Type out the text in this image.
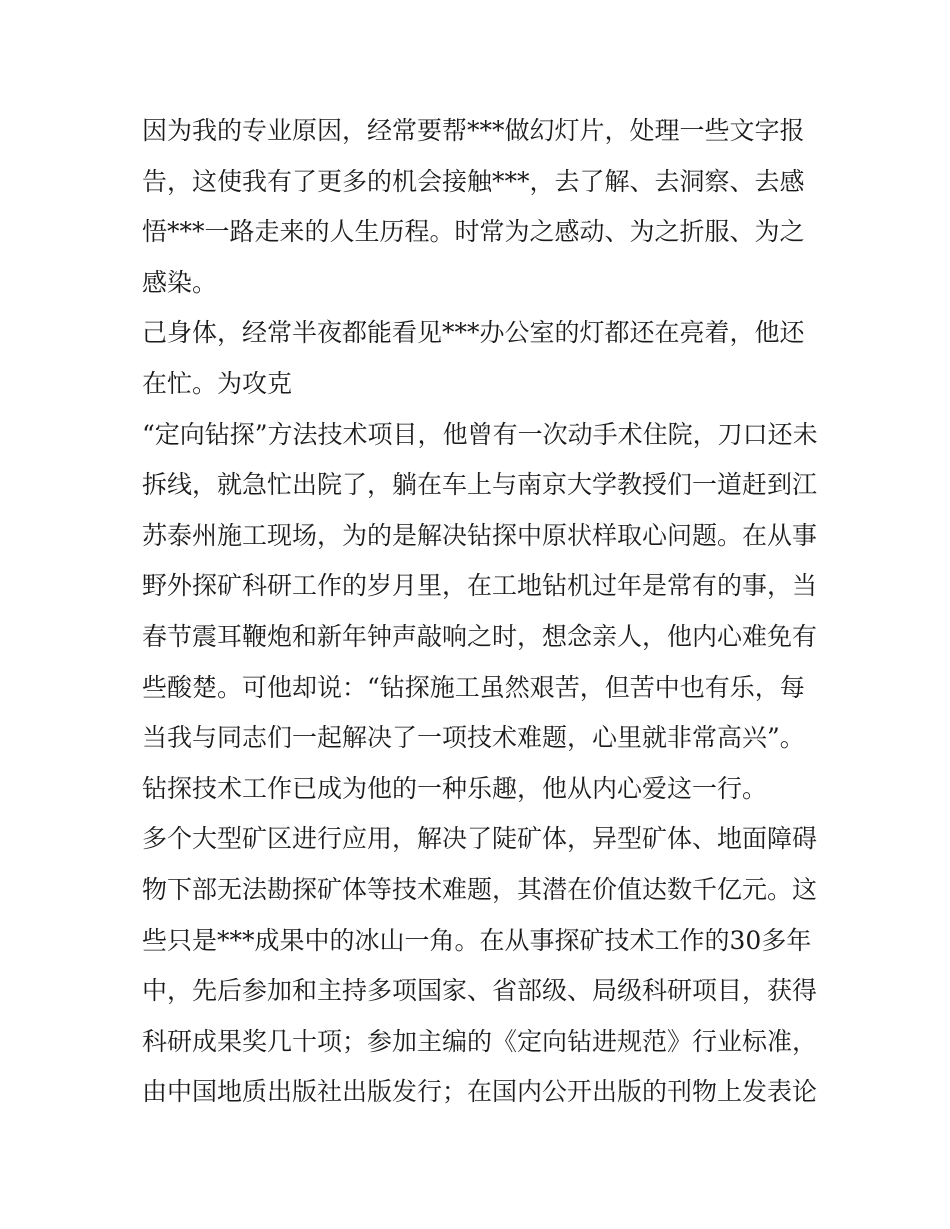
因为我的专业原因，经常要帮***做幻灯片，处理一些文字报
告，这使我有了更多的机会接触***，去了解、去洞察、去感
悟***一路走来的人生历程。时常为之感动、为之折服、为之
感染。
己身体，经常半夜都能看见***办公室的灯都还在亮着，他还
在忙。为攻克
“定向钻探”方法技术项目，他曾有一次动手术住院，刀口还未
拆线，就急忙出院了，躺在车上与南京大学教授们一道赶到江
苏泰州施工现场，为的是解决钻探中原状样取心问题。在从事
野外探矿科研工作的岁月里，在工地钻机过年是常有的事，当
春节震耳鞭炮和新年钟声敲响之时，想念亲人，他内心难免有
些酸楚。可他却说：“钻探施工虽然艰苦，但苦中也有乐，每
当我与同志们一起解决了一项技术难题，心里就非常高兴”。
钻探技术工作已成为他的一种乐趣，他从内心爱这一行。
多个大型矿区进行应用，解决了陡矿体，异型矿体、地面障碍
物下部无法勘探矿体等技术难题，其潜在价值达数千亿元。这
些只是***成果中的冰山一角。在从事探矿技术工作的30多年
中，先后参加和主持多项国家、省部级、局级科研项目，获得
科研成果奖几十项；参加主编的《定向钻进规范》行业标准，
由中国地质出版社出版发行；在国内公开出版的刊物上发表论
